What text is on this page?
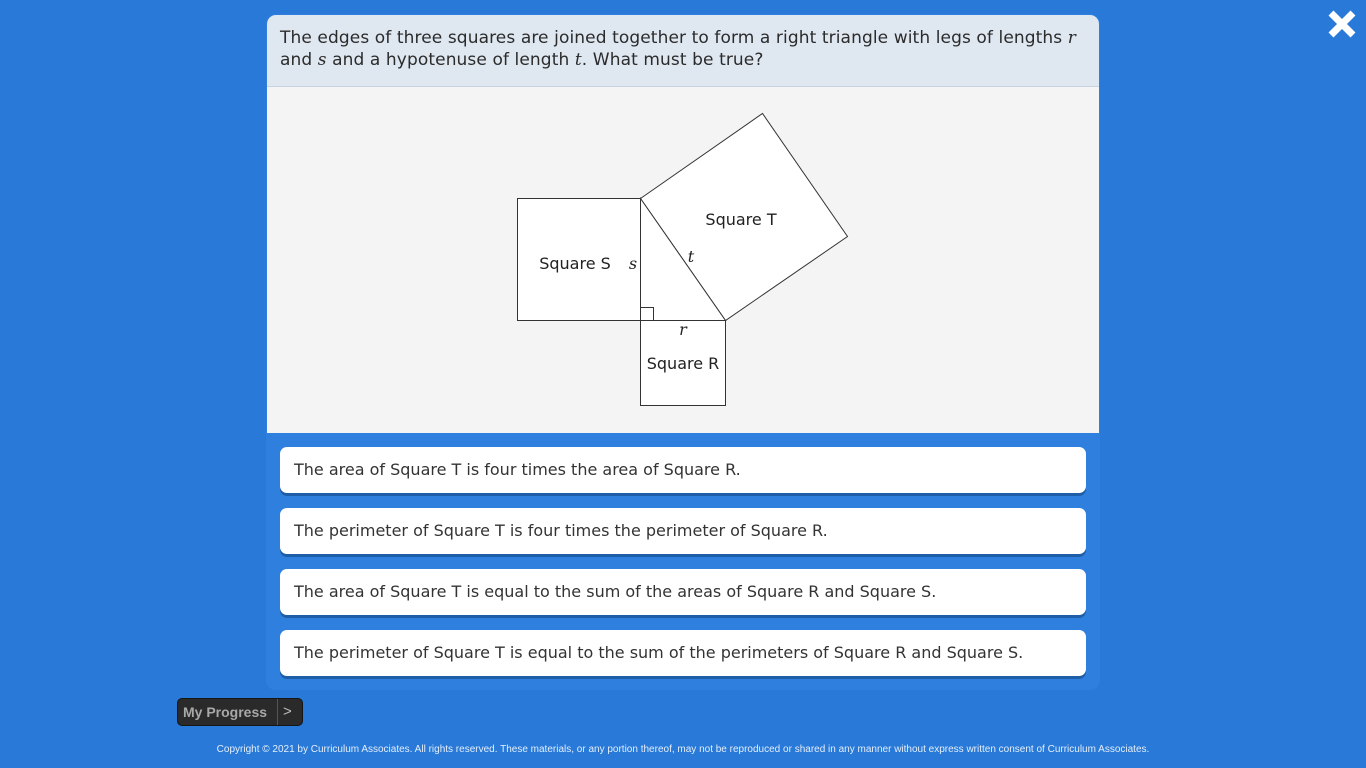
The edges of three squares are joined together to form a right triangle with legs of lengths r and s and a hypotenuse of length t. What must be true?

Square S
Square T
Square R
s	t
r
The area of Square T is four times the area of Square R.
The perimeter of Square T is four times the perimeter of Square R.
The area of Square T is equal to the sum of the areas of Square R and Square S.
The perimeter of Square T is equal to the sum of the perimeters of Square R and Square S.
My Progress >
Copyright © 2021 by Curriculum Associates. All rights reserved. These materials, or any portion thereof, may not be reproduced or shared in any manner without express written consent of Curriculum Associates.
